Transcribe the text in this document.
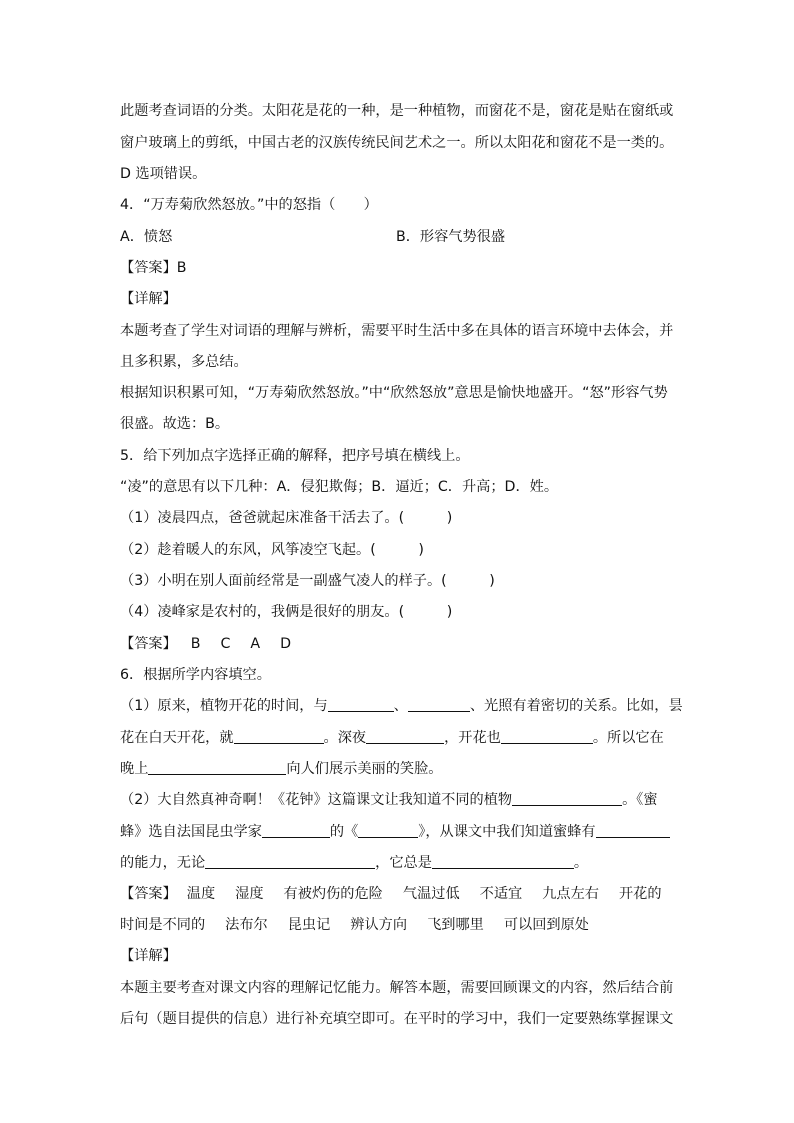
此题考查词语的分类。太阳花是花的一种，是一种植物，而窗花不是，窗花是贴在窗纸或
窗户玻璃上的剪纸，中国古老的汉族传统民间艺术之一。所以太阳花和窗花不是一类的。
D 选项错误。
4．“万寿菊欣然怒放。”中的怒指（　　）
A．愤怒	B．形容气势很盛
【答案】B
【详解】
本题考查了学生对词语的理解与辨析，需要平时生活中多在具体的语言环境中去体会，并
且多积累，多总结。
根据知识积累可知，“万寿菊欣然怒放。”中“欣然怒放”意思是愉快地盛开。“怒”形容气势
很盛。故选：B。
5．给下列加点字选择正确的解释，把序号填在横线上。
“凌”的意思有以下几种：A．侵犯欺侮；B．逼近；C．升高；D．姓。
（1）凌晨四点，爸爸就起床准备干活去了。(　　　)
（2）趁着暖人的东风，风筝凌空飞起。(　　　)
（3）小明在别人面前经常是一副盛气凌人的样子。(　　　)
（4）凌峰家是农村的，我俩是很好的朋友。(　　　)
【答案】 B C A D
6．根据所学内容填空。
（1）原来，植物开花的时间，与	、	、光照有着密切的关系。比如，昙
花在白天开花，就	。深夜	，开花也	。所以它在
晚上	向人们展示美丽的笑脸。
（2）大自然真神奇啊！《花钟》这篇课文让我知道不同的植物	。《蜜
蜂》选自法国昆虫学家	的《	》，从课文中我们知道蜜蜂有
的能力，无论	，它总是	。
【答案】 温度 湿度 有被灼伤的危险 气温过低 不适宜 九点左右 开花的
时间是不同的 法布尔 昆虫记 辨认方向 飞到哪里 可以回到原处
【详解】
本题主要考查对课文内容的理解记忆能力。解答本题，需要回顾课文的内容，然后结合前
后句（题目提供的信息）进行补充填空即可。在平时的学习中，我们一定要熟练掌握课文
